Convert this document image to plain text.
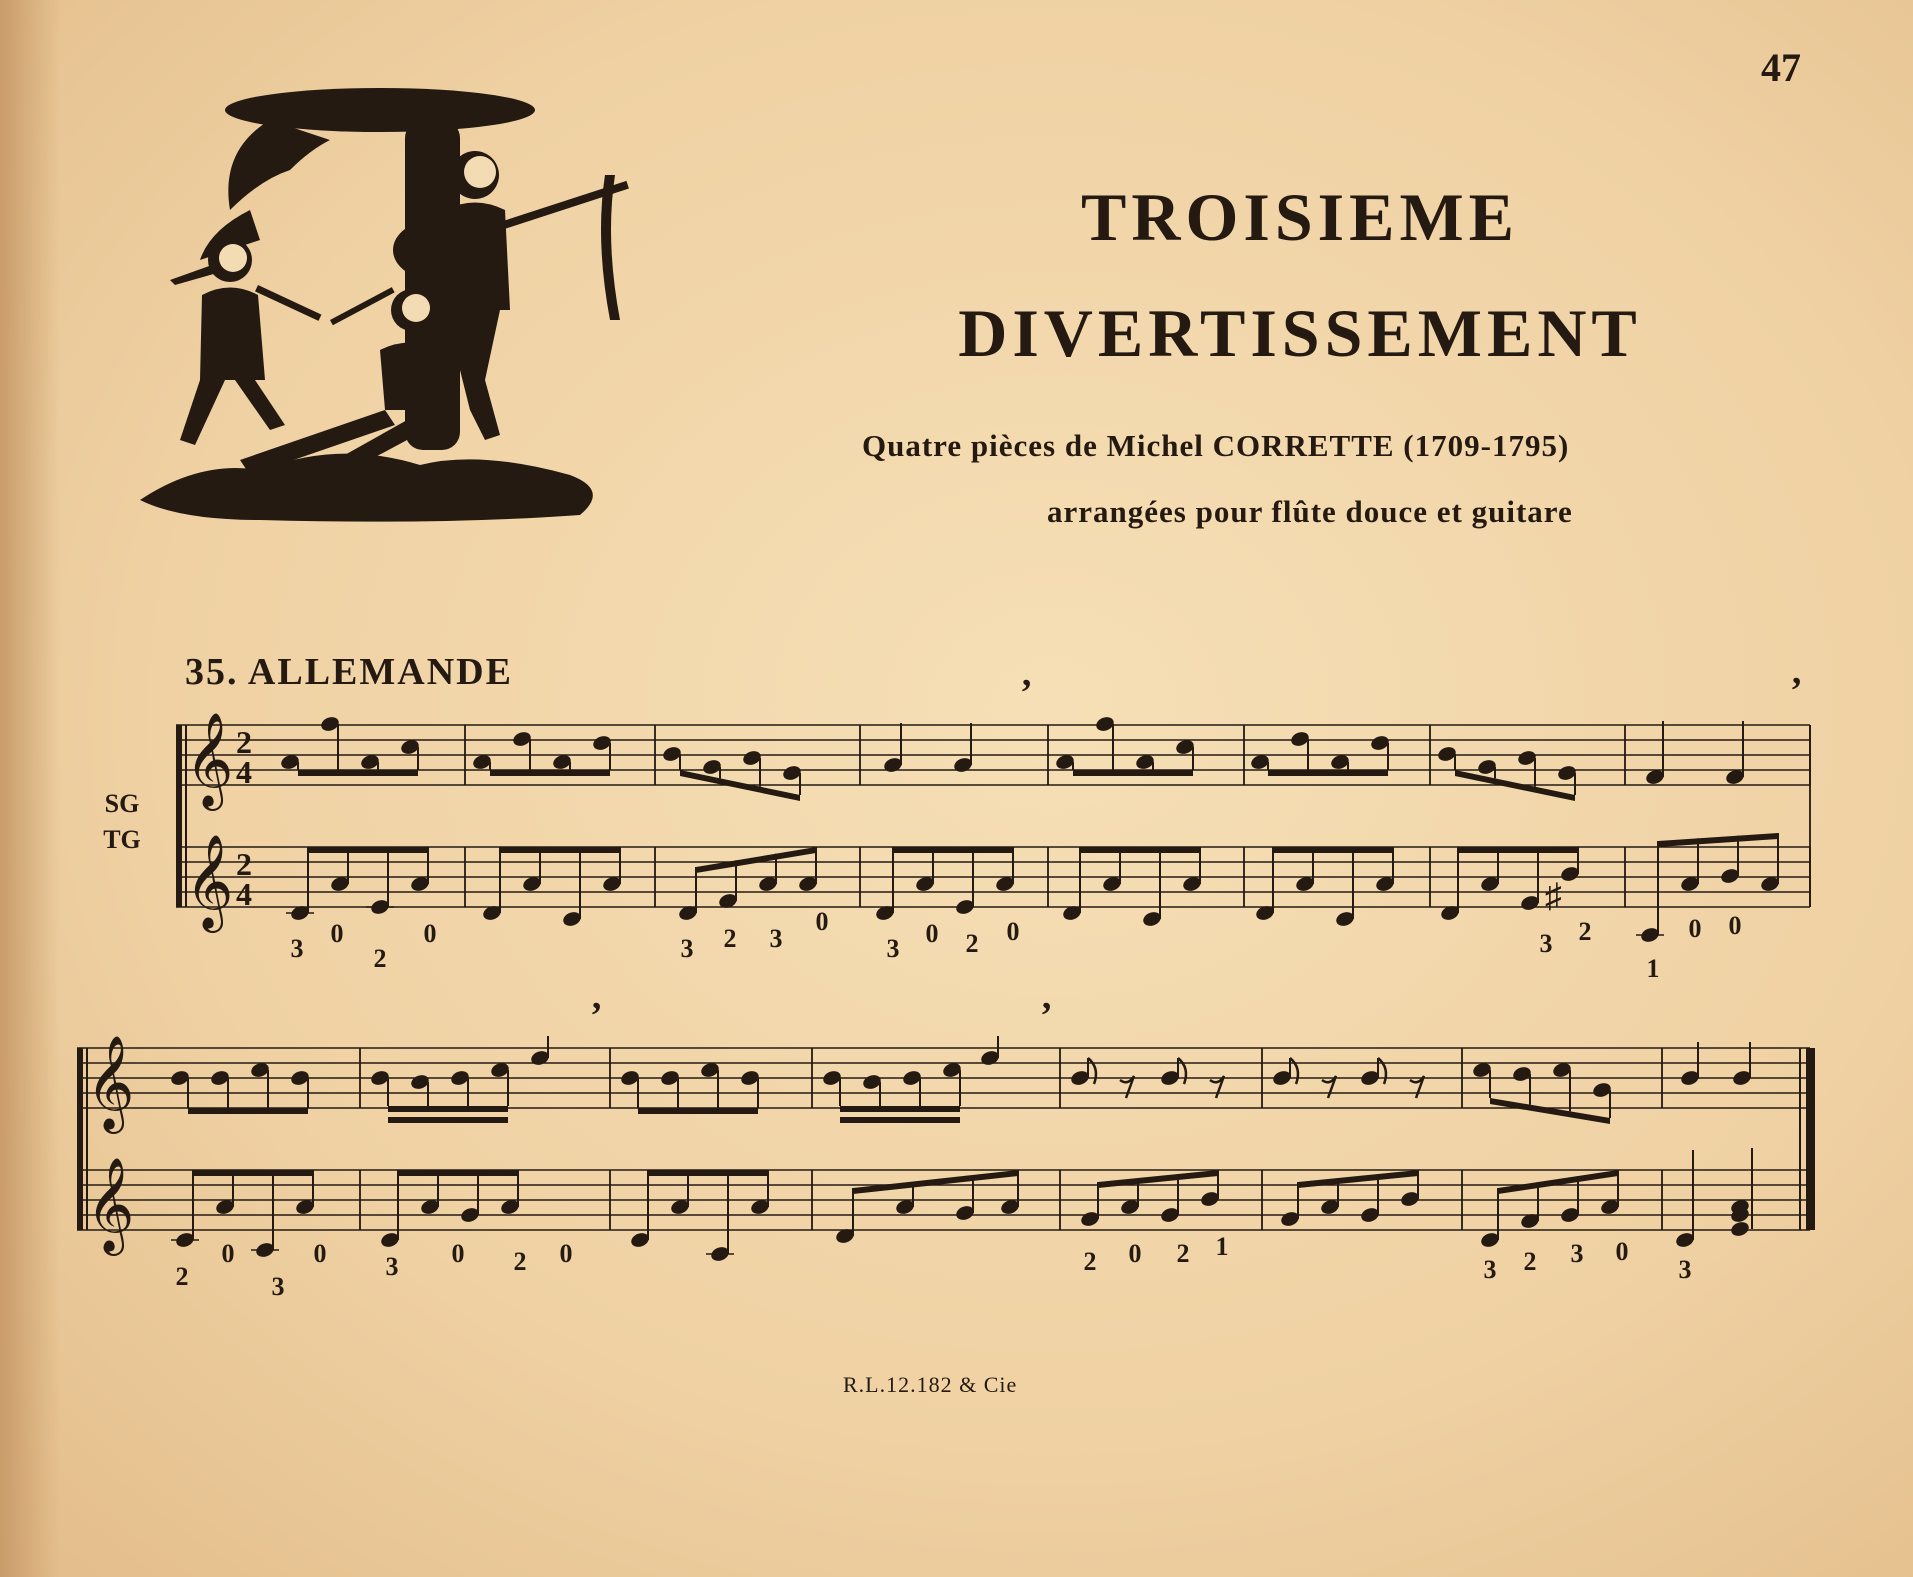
47
TROISIEME
DIVERTISSEMENT
Quatre pièces de Michel CORRETTE (1709-1795)
arrangées pour flûte douce et guitare
35. ALLEMANDE
𝄞
𝄞
2
4
2
4
SG
TG
’	’
♯
3
0
2
0
3 2 3
0
3
0 2 0	3 2
1
0 0
𝄞
𝄞
’	’
2
0
3
0 3 0 2 0	2 0 2 1
3 2 3 0
3
R.L.12.182 & Cie
